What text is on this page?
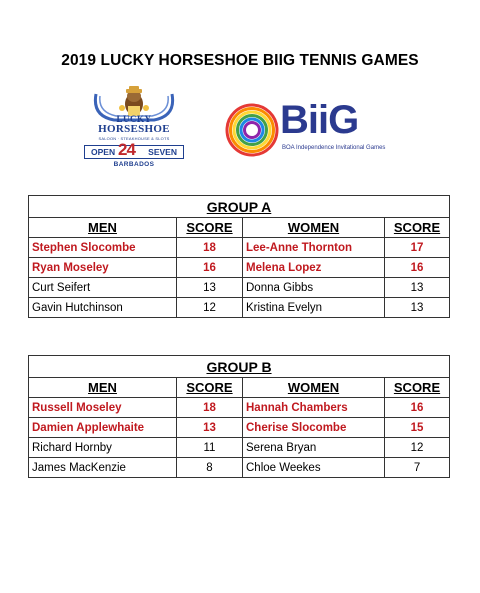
2019 LUCKY HORSESHOE BIIG TENNIS GAMES
LUCKY
HORSESHOE
SALOON · STEAKHOUSE & SLOTS
OPEN	SEVEN
24
BARBADOS
BiiG
BOA Independence Invitational Games
GROUP A			
MEN	SCORE	WOMEN	SCORE
Stephen Slocombe	18	Lee-Anne Thornton	17
Ryan Moseley	16	Melena Lopez	16
Curt Seifert	13	Donna Gibbs	13
Gavin Hutchinson	12	Kristina Evelyn	13
GROUP B			
MEN	SCORE	WOMEN	SCORE
Russell Moseley	18	Hannah Chambers	16
Damien Applewhaite	13	Cherise Slocombe	15
Richard Hornby	11	Serena Bryan	12
James MacKenzie	8	Chloe Weekes	7
